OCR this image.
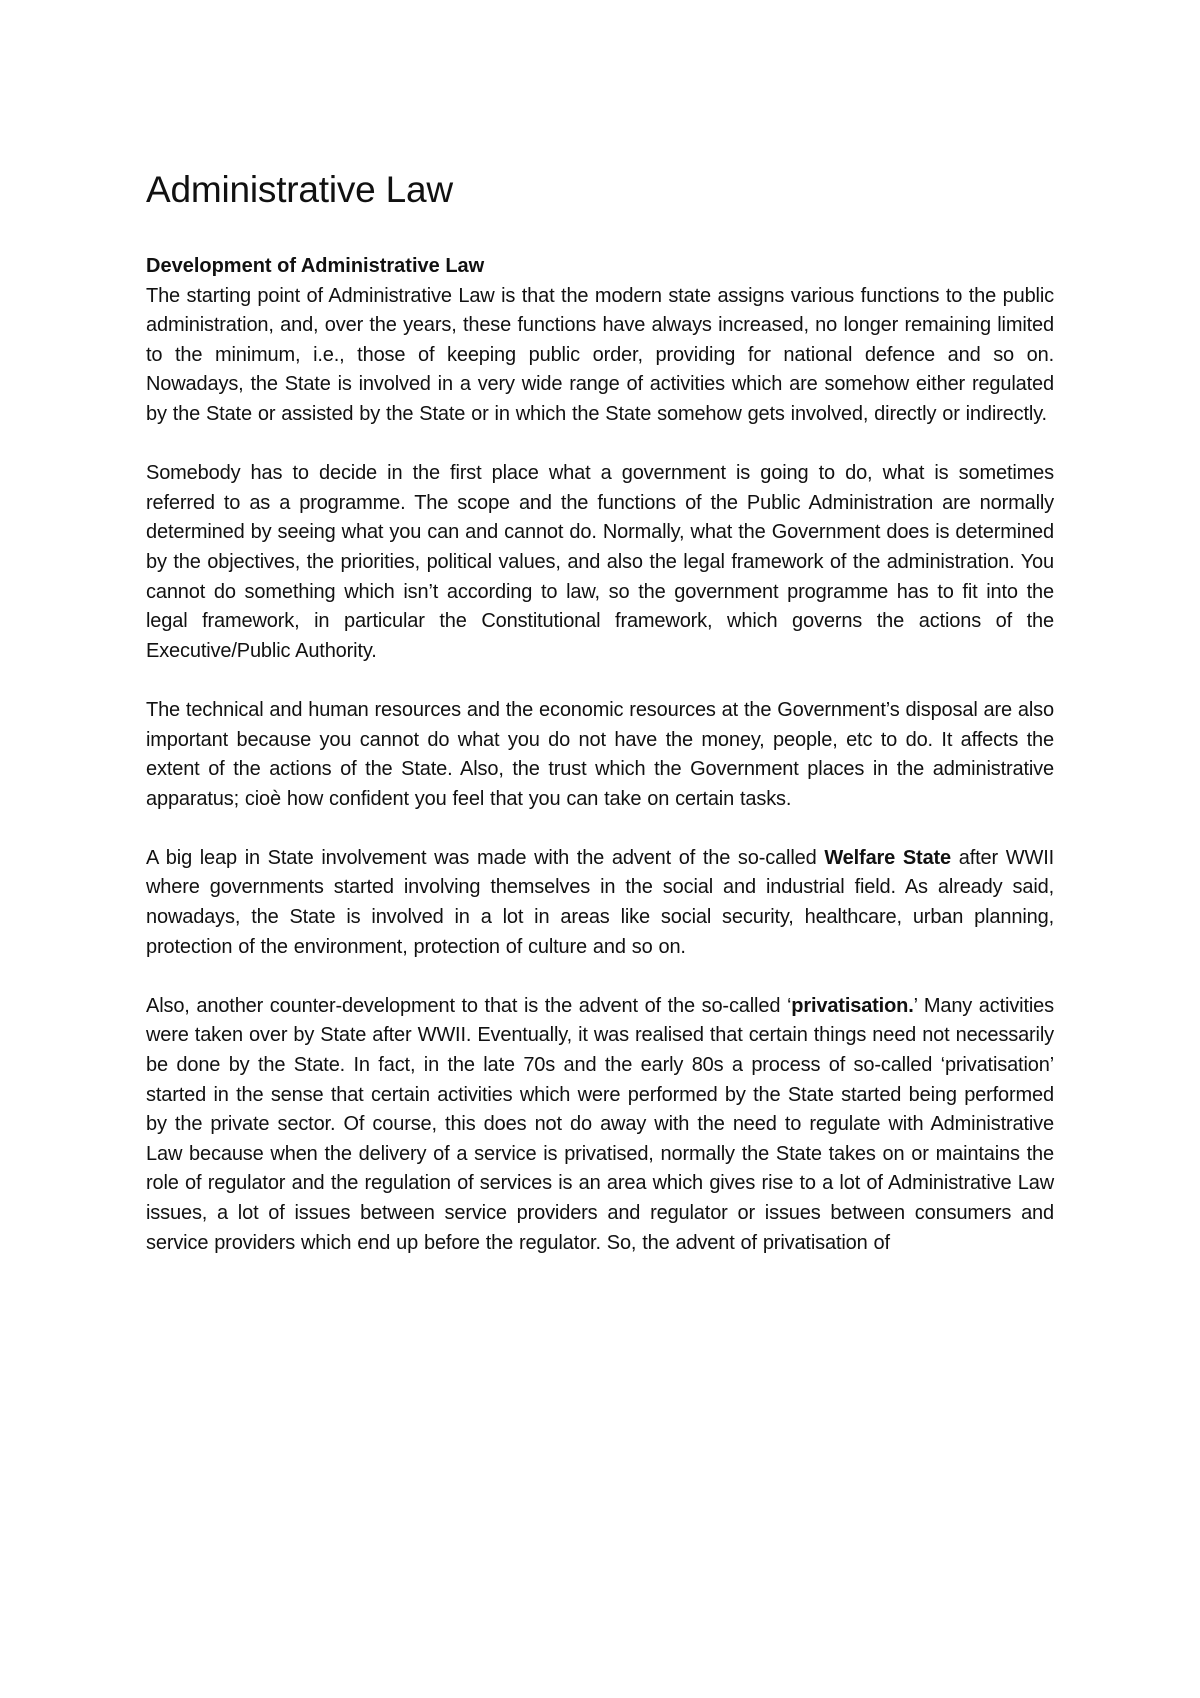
Administrative Law

Development of Administrative Law

The starting point of Administrative Law is that the modern state assigns various functions to the public administration, and, over the years, these functions have always increased, no longer remaining limited to the minimum, i.e., those of keeping public order, providing for national defence and so on. Nowadays, the State is involved in a very wide range of activities which are somehow either regulated by the State or assisted by the State or in which the State somehow gets involved, directly or indirectly.

Somebody has to decide in the first place what a government is going to do, what is sometimes referred to as a programme. The scope and the functions of the Public Administration are normally determined by seeing what you can and cannot do. Normally, what the Government does is determined by the objectives, the priorities, political values, and also the legal framework of the administration. You cannot do something which isn’t according to law, so the government programme has to fit into the legal framework, in particular the Constitutional framework, which governs the actions of the Executive/Public Authority.

The technical and human resources and the economic resources at the Government’s disposal are also important because you cannot do what you do not have the money, people, etc to do. It affects the extent of the actions of the State. Also, the trust which the Government places in the administrative apparatus; cioè how confident you feel that you can take on certain tasks.

A big leap in State involvement was made with the advent of the so-called Welfare State after WWII where governments started involving themselves in the social and industrial field. As already said, nowadays, the State is involved in a lot in areas like social security, healthcare, urban planning, protection of the environment, protection of culture and so on.

Also, another counter-development to that is the advent of the so-called ‘privatisation.’ Many activities were taken over by State after WWII. Eventually, it was realised that certain things need not necessarily be done by the State. In fact, in the late 70s and the early 80s a process of so-called ‘privatisation’ started in the sense that certain activities which were performed by the State started being performed by the private sector. Of course, this does not do away with the need to regulate with Administrative Law because when the delivery of a service is privatised, normally the State takes on or maintains the role of regulator and the regulation of services is an area which gives rise to a lot of Administrative Law issues, a lot of issues between service providers and regulator or issues between consumers and service providers which end up before the regulator. So, the advent of privatisation of
